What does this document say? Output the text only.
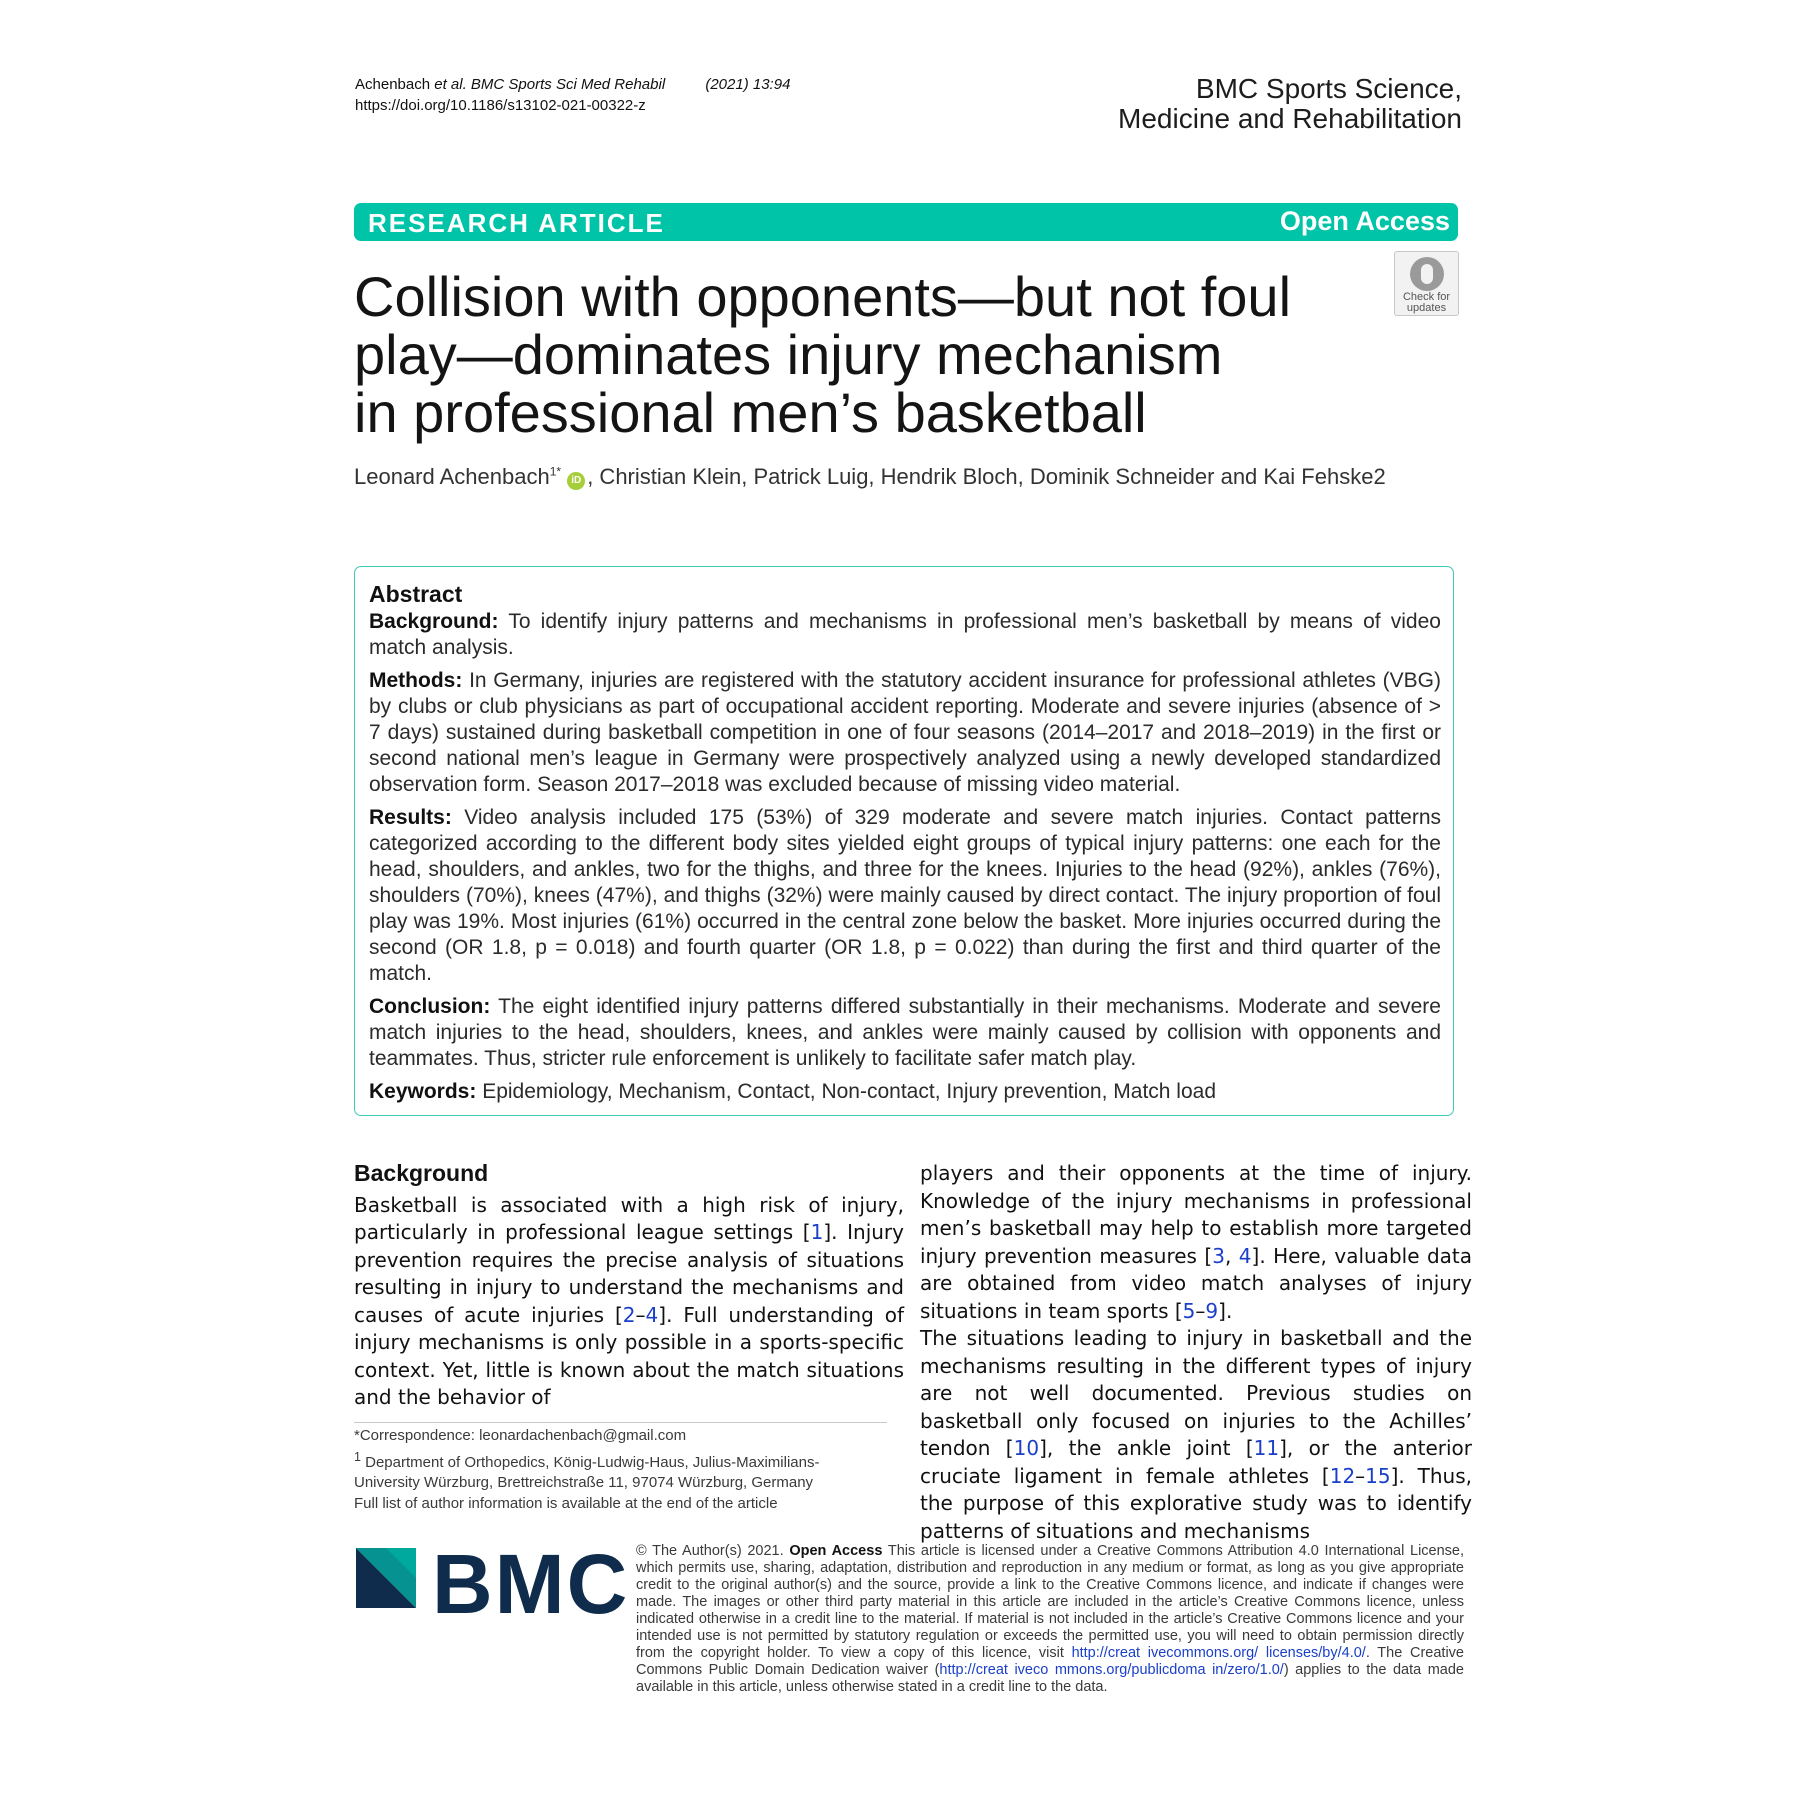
Achenbach et al. BMC Sports Sci Med Rehabil	(2021) 13:94
https://doi.org/10.1186/s13102-021-00322-z
BMC Sports Science,
Medicine and Rehabilitation
RESEARCH ARTICLE	Open Access
Check for
updates
Collision with opponents—but not foul
play—dominates injury mechanism
in professional men’s basketball
Leonard Achenbach$^{1*}$ iD , Christian Klein, Patrick Luig, Hendrik Bloch, Dominik Schneider and Kai Fehske2
Abstract

Background: To identify injury patterns and mechanisms in professional men’s basketball by means of video match analysis.

Methods: In Germany, injuries are registered with the statutory accident insurance for professional athletes (VBG) by clubs or club physicians as part of occupational accident reporting. Moderate and severe injuries (absence of > 7 days) sustained during basketball competition in one of four seasons (2014–2017 and 2018–2019) in the first or second national men’s league in Germany were prospectively analyzed using a newly developed standardized observation form. Season 2017–2018 was excluded because of missing video material.

Results: Video analysis included 175 (53%) of 329 moderate and severe match injuries. Contact patterns categorized according to the different body sites yielded eight groups of typical injury patterns: one each for the head, shoulders, and ankles, two for the thighs, and three for the knees. Injuries to the head (92%), ankles (76%), shoulders (70%), knees (47%), and thighs (32%) were mainly caused by direct contact. The injury proportion of foul play was 19%. Most injuries (61%) occurred in the central zone below the basket. More injuries occurred during the second (OR 1.8, p = 0.018) and fourth quarter (OR 1.8, p = 0.022) than during the first and third quarter of the match.

Conclusion: The eight identified injury patterns differed substantially in their mechanisms. Moderate and severe match injuries to the head, shoulders, knees, and ankles were mainly caused by collision with opponents and teammates. Thus, stricter rule enforcement is unlikely to facilitate safer match play.

Keywords: Epidemiology, Mechanism, Contact, Non-contact, Injury prevention, Match load

Background

Basketball is associated with a high risk of injury, particularly in professional league settings [1]. Injury prevention requires the precise analysis of situations resulting in injury to understand the mechanisms and causes of acute injuries [2–4]. Full understanding of injury mechanisms is only possible in a sports-specific context. Yet, little is known about the match situations and the behavior of

players and their opponents at the time of injury. Knowledge of the injury mechanisms in professional men’s basketball may help to establish more targeted injury prevention measures [3, 4]. Here, valuable data are obtained from video match analyses of injury situations in team sports [5–9].

The situations leading to injury in basketball and the mechanisms resulting in the different types of injury are not well documented. Previous studies on basketball only focused on injuries to the Achilles’ tendon [10], the ankle joint [11], or the anterior cruciate ligament in female athletes [12–15]. Thus, the purpose of this explorative study was to identify patterns of situations and mechanisms

*Correspondence: leonardachenbach@gmail.com
$^1$ Department of Orthopedics, König-Ludwig-Haus, Julius-Maximilians-
University Würzburg, Brettreichstraße 11, 97074 Würzburg, Germany
Full list of author information is available at the end of the article
BMC © The Author(s) 2021. Open Access This article is licensed under a Creative Commons Attribution 4.0 International License, which permits use, sharing, adaptation, distribution and reproduction in any medium or format, as long as you give appropriate credit to the original author(s) and the source, provide a link to the Creative Commons licence, and indicate if changes were made. The images or other third party material in this article are included in the article’s Creative Commons licence, unless indicated otherwise in a credit line to the material. If material is not included in the article’s Creative Commons licence and your intended use is not permitted by statutory regulation or exceeds the permitted use, you will need to obtain permission directly from the copyright holder. To view a copy of this licence, visit http://creat ivecommons.org/ licenses/by/4.0/. The Creative Commons Public Domain Dedication waiver (http://creat iveco mmons.org/publicdoma in/zero/1.0/) applies to the data made available in this article, unless otherwise stated in a credit line to the data.
